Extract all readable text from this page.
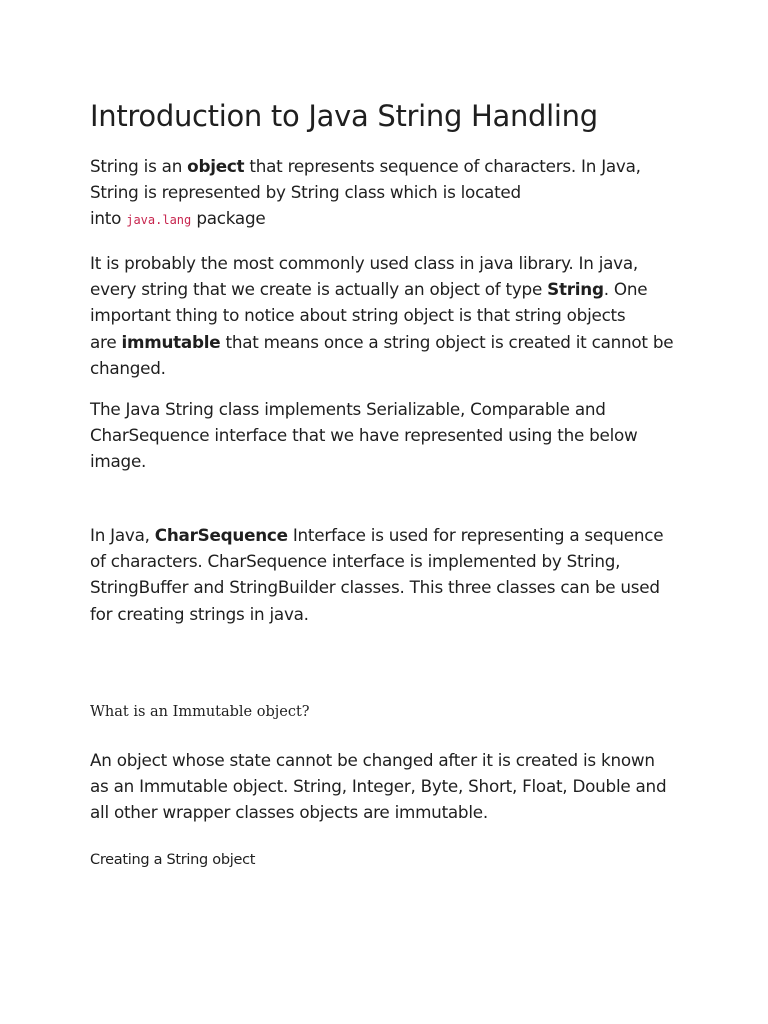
Introduction to Java String Handling

String is an object that represents sequence of characters. In Java,
String is represented by String class which is located
into java.lang package

It is probably the most commonly used class in java library. In java,
every string that we create is actually an object of type String. One
important thing to notice about string object is that string objects
are immutable that means once a string object is created it cannot be
changed.

The Java String class implements Serializable, Comparable and
CharSequence interface that we have represented using the below
image.

In Java, CharSequence Interface is used for representing a sequence
of characters. CharSequence interface is implemented by String,
StringBuffer and StringBuilder classes. This three classes can be used
for creating strings in java.

What is an Immutable object?

An object whose state cannot be changed after it is created is known
as an Immutable object. String, Integer, Byte, Short, Float, Double and
all other wrapper classes objects are immutable.

Creating a String object
